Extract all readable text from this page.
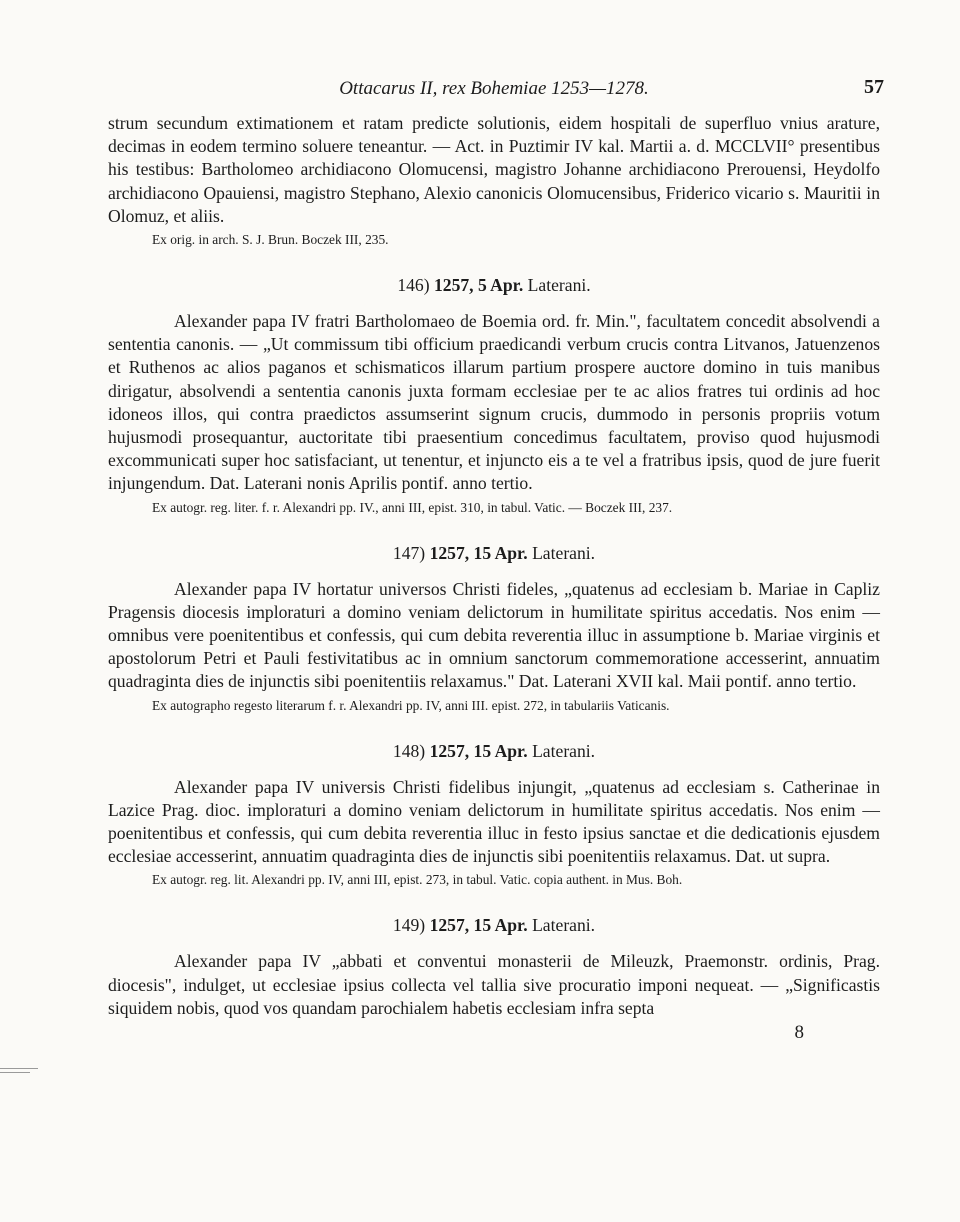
Ottacarus II, rex Bohemiae 1253—1278.	57

strum secundum extimationem et ratam predicte solutionis, eidem hospitali de superfluo vnius arature, decimas in eodem termino soluere teneantur. — Act. in Puztimir IV kal. Martii a. d. MCCLVII° presentibus his testibus: Bartholomeo archidiacono Olomucensi, magistro Johanne archidiacono Prerouensi, Heydolfo archidiacono Opauiensi, magistro Stephano, Alexio canonicis Olomucensibus, Friderico vicario s. Mauritii in Olomuz, et aliis.

Ex orig. in arch. S. J. Brun. Boczek III, 235.
146) 1257, 5 Apr. Laterani.

Alexander papa IV fratri Bartholomaeo de Boemia ord. fr. Min.", facultatem concedit absolvendi a sententia canonis. — „Ut commissum tibi officium praedicandi verbum crucis contra Litvanos, Jatuenzenos et Ruthenos ac alios paganos et schismaticos illarum partium prospere auctore domino in tuis manibus dirigatur, absolvendi a sententia canonis juxta formam ecclesiae per te ac alios fratres tui ordinis ad hoc idoneos illos, qui contra praedictos assumserint signum crucis, dummodo in personis propriis votum hujusmodi prosequantur, auctoritate tibi praesentium concedimus facultatem, proviso quod hujusmodi excommunicati super hoc satisfaciant, ut tenentur, et injuncto eis a te vel a fratribus ipsis, quod de jure fuerit injungendum. Dat. Laterani nonis Aprilis pontif. anno tertio.

Ex autogr. reg. liter. f. r. Alexandri pp. IV., anni III, epist. 310, in tabul. Vatic. — Boczek III, 237.
147) 1257, 15 Apr. Laterani.

Alexander papa IV hortatur universos Christi fideles, „quatenus ad ecclesiam b. Mariae in Capliz Pragensis diocesis imploraturi a domino veniam delictorum in humilitate spiritus accedatis. Nos enim — omnibus vere poenitentibus et confessis, qui cum debita reverentia illuc in assumptione b. Mariae virginis et apostolorum Petri et Pauli festivitatibus ac in omnium sanctorum commemoratione accesserint, annuatim quadraginta dies de injunctis sibi poenitentiis relaxamus." Dat. Laterani XVII kal. Maii pontif. anno tertio.

Ex autographo regesto literarum f. r. Alexandri pp. IV, anni III. epist. 272, in tabulariis Vaticanis.
148) 1257, 15 Apr. Laterani.

Alexander papa IV universis Christi fidelibus injungit, „quatenus ad ecclesiam s. Catherinae in Lazice Prag. dioc. imploraturi a domino veniam delictorum in humilitate spiritus accedatis. Nos enim — poenitentibus et confessis, qui cum debita reverentia illuc in festo ipsius sanctae et die dedicationis ejusdem ecclesiae accesserint, annuatim quadraginta dies de injunctis sibi poenitentiis relaxamus. Dat. ut supra.

Ex autogr. reg. lit. Alexandri pp. IV, anni III, epist. 273, in tabul. Vatic. copia authent. in Mus. Boh.
149) 1257, 15 Apr. Laterani.

Alexander papa IV „abbati et conventui monasterii de Mileuzk, Praemonstr. ordinis, Prag. diocesis", indulget, ut ecclesiae ipsius collecta vel tallia sive procuratio imponi nequeat. — „Significastis siquidem nobis, quod vos quandam parochialem habetis ecclesiam infra septa

8
